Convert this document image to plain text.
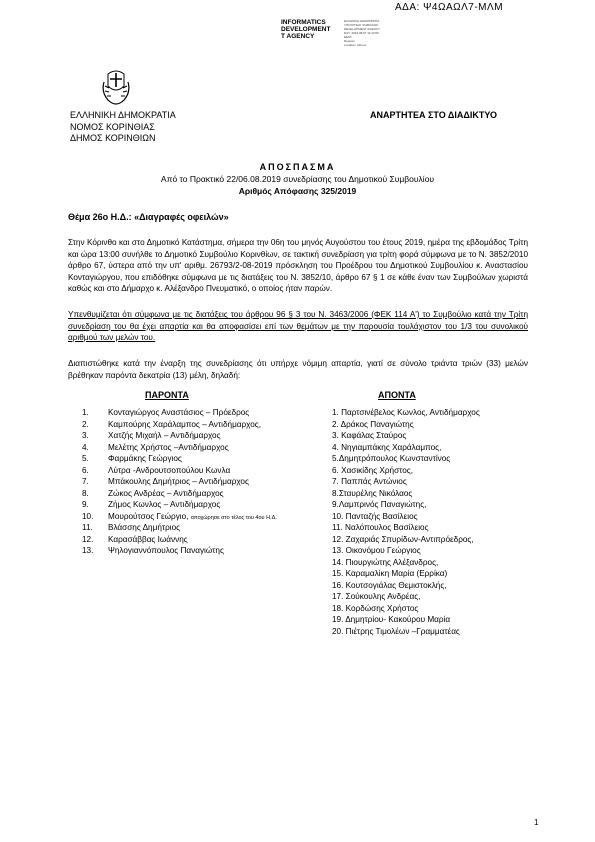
ΑΔΑ: Ψ4ΩΑΩΛ7-ΜΛΜ
INFORMATICS
DEVELOPMENT
T AGENCY
ΕΛΛΗΝΙΚΗ ΔΗΜΟΚΡΑΤΙΑ
ΥΠΟΥΡΓΕΙΟ ΨΗΦΙΑΚΗΣ
DEVELOPMENT AGENCY
DAY: 2019.08.07 11:23:55
EEST
Reason:
Location: Athens
ΕΛΛΗΝΙΚΗ ΔΗΜΟΚΡΑΤΙΑ
ΝΟΜΟΣ ΚΟΡΙΝΘΙΑΣ
ΔΗΜΟΣ ΚΟΡΙΝΘΙΩΝ
ΑΝΑΡΤΗΤΕΑ ΣΤΟ ΔΙΑΔΙΚΤΥΟ
ΑΠΟΣΠΑΣΜΑ
Από το Πρακτικό 22/06.08.2019 συνεδρίασης του Δημοτικού Συμβουλίου
Αριθμός Απόφασης 325/2019
Θέμα 26ο Η.Δ.: «Διαγραφές οφειλών»
Στην Κόρινθο και στο Δημοτικό Κατάστημα, σήμερα την 06η του μηνός Αυγούστου του έτους 2019, ημέρα της εβδομάδος Τρίτη και ώρα 13:00 συνήλθε το Δημοτικό Συμβούλιο Κορινθίων, σε τακτική συνεδρίαση για τρίτη φορά σύμφωνα με το Ν. 3852/2010 άρθρο 67, ύστερα από την υπ' αριθμ. 26793/2-08-2019 πρόσκληση του Προέδρου του Δημοτικού Συμβουλίου κ. Αναστασίου Κονταγιώργου, που επιδόθηκε σύμφωνα με τις διατάξεις του Ν. 3852/10, άρθρο 67 § 1 σε κάθε έναν των Συμβούλων χωριστά καθώς και στο Δήμαρχο κ. Αλέξανδρο Πνευματικό, ο οποίος ήταν παρών.
Υπενθυμίζεται ότι σύμφωνα με τις διατάξεις του άρθρου 96 § 3 του Ν. 3463/2006 (ΦΕΚ 114 Α') το Συμβούλιο κατά την Τρίτη συνεδρίαση του θα έχει απαρτία και θα αποφασίσει επί των θεμάτων με την παρουσία τουλάχιστον του 1/3 του συνολικού αριθμού των μελών του.
Διαπιστώθηκε κατά την έναρξη της συνεδρίασης ότι υπήρχε νόμιμη απαρτία, γιατί σε σύνολο τριάντα τριών (33) μελών βρέθηκαν παρόντα δεκατρία (13) μέλη, δηλαδή:
ΠΑΡΟΝΤΑ	ΑΠΟΝΤΑ
1. Κονταγιώργος Αναστάσιος – Πρόεδρος
2. Καμπούρης Χαράλαμπος – Αντιδήμαρχος,
3. Χατζής Μιχαήλ – Αντιδήμαρχος
4. Μελέτης Χρήστος –Αντιδήμαρχος
5. Φαρμάκης Γεώργιος
6. Λύτρα -Ανδρουτσοπούλου Κωνλα
7. Μπάκουλης Δημήτριος – Αντιδήμαρχος
8. Ζώκος Ανδρέας – Αντιδήμαρχος
9. Ζήμος Κωνλος – Αντιδήμαρχος
10. Μουρούτσος Γεώργιο, αποχώρησε στο τέλος του 4ου Η.Δ.
11. Βλάσσης Δημήτριος
12. Καρασάββας Ιωάννης
13. Ψηλογιαννόπουλος Παναγιώτης
1. Παρτσινέβελος Κωνλος, Αντιδήμαρχος
2. Δράκος Παναγιώτης
3. Καφάλας Σταύρος
4. Νηγιαμπάκης Χαράλαμπος,
5.Δημητρόπουλος Κωνσταντίνος
6. Χασικίδης Χρήστος,
7. Παππάς Αντώνιος
8.Σταυρέλης Νικόλαος
9.Λαμπρινός Παναγιώτης,
10. Πανταζής Βασίλειος
11. Ναλόπουλος Βασίλειος
12. Ζαχαριάς Σπυρίδων-Αντιπρόεδρος,
13. Οικονόμου Γεώργιος
14. Πιουργιώτης Αλέξανδρος,
15. Καραμαλίκη Μαρία (Ερρίκα)
16. Κουτσογιάλας Θεμιστοκλής,
17. Σούκουλης Ανδρέας,
18. Κορδώσης Χρήστος
19. Δημητρίου- Κακούρου Μαρία
20. Πιέτρης Τιμολέων –Γραμματέας
1
